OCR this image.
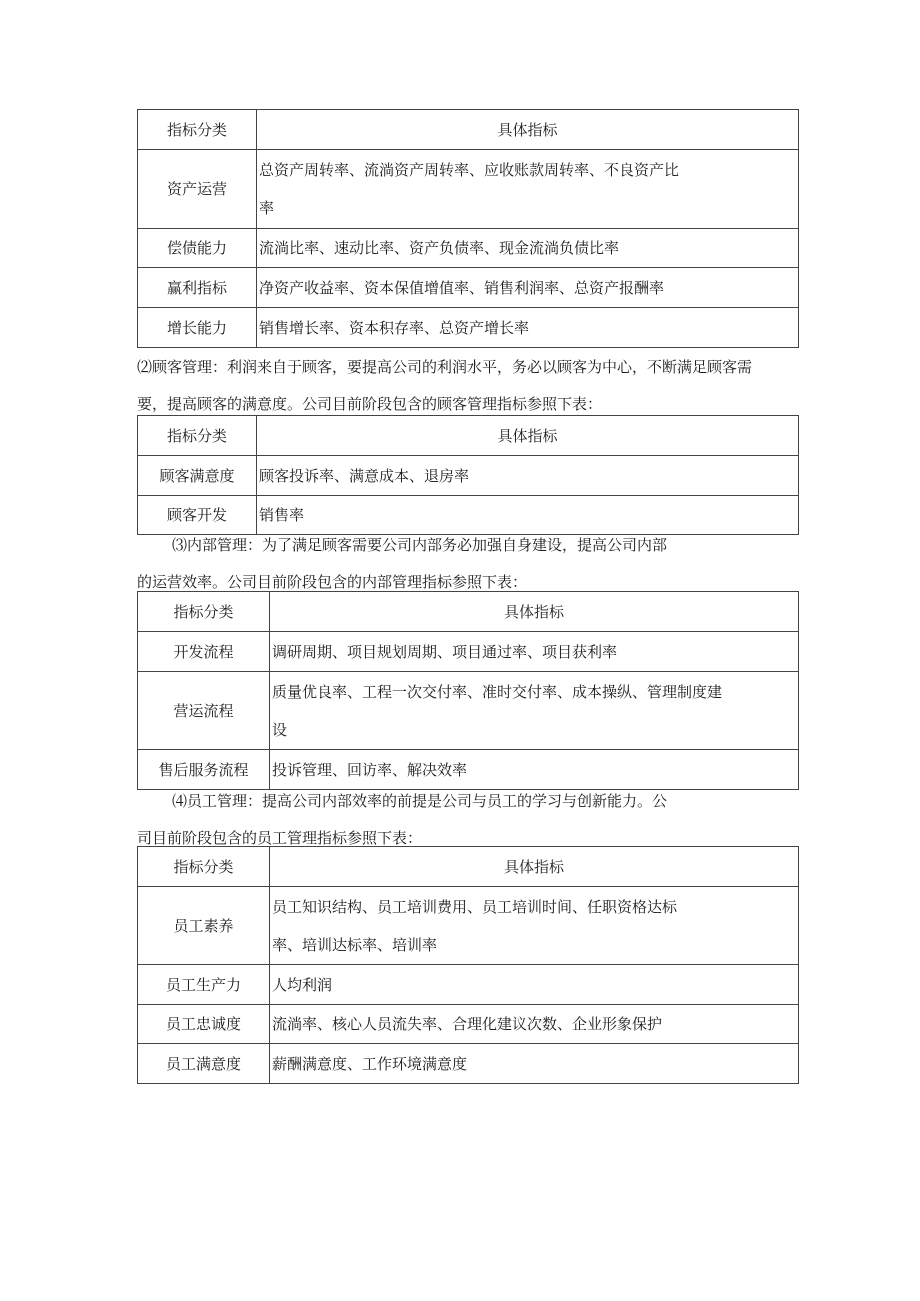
指标分类	具体指标
资产运营	总资产周转率、流淌资产周转率、应收账款周转率、不良资产比
率

偿债能力	流淌比率、速动比率、资产负债率、现金流淌负债比率
赢利指标	净资产收益率、资本保值增值率、销售利润率、总资产报酬率
增长能力	销售增长率、资本积存率、总资产增长率
⑵顾客管理：利润来自于顾客，要提高公司的利润水平，务必以顾客为中心，不断满足顾客需
要，提高顾客的满意度。公司目前阶段包含的顾客管理指标参照下表：
指标分类	具体指标
顾客满意度	顾客投诉率、满意成本、退房率
顾客开发	销售率
⑶内部管理：为了满足顾客需要公司内部务必加强自身建设，提高公司内部
的运营效率。公司目前阶段包含的内部管理指标参照下表：
指标分类	具体指标
开发流程	调研周期、项目规划周期、项目通过率、项目获利率
营运流程	质量优良率、工程一次交付率、准时交付率、成本操纵、管理制度建
设

售后服务流程	投诉管理、回访率、解决效率
⑷员工管理：提高公司内部效率的前提是公司与员工的学习与创新能力。公
司目前阶段包含的员工管理指标参照下表：
指标分类	具体指标
员工素养	员工知识结构、员工培训费用、员工培训时间、任职资格达标
率、培训达标率、培训率

员工生产力	人均利润
员工忠诚度	流淌率、核心人员流失率、合理化建议次数、企业形象保护
员工满意度	薪酬满意度、工作环境满意度
